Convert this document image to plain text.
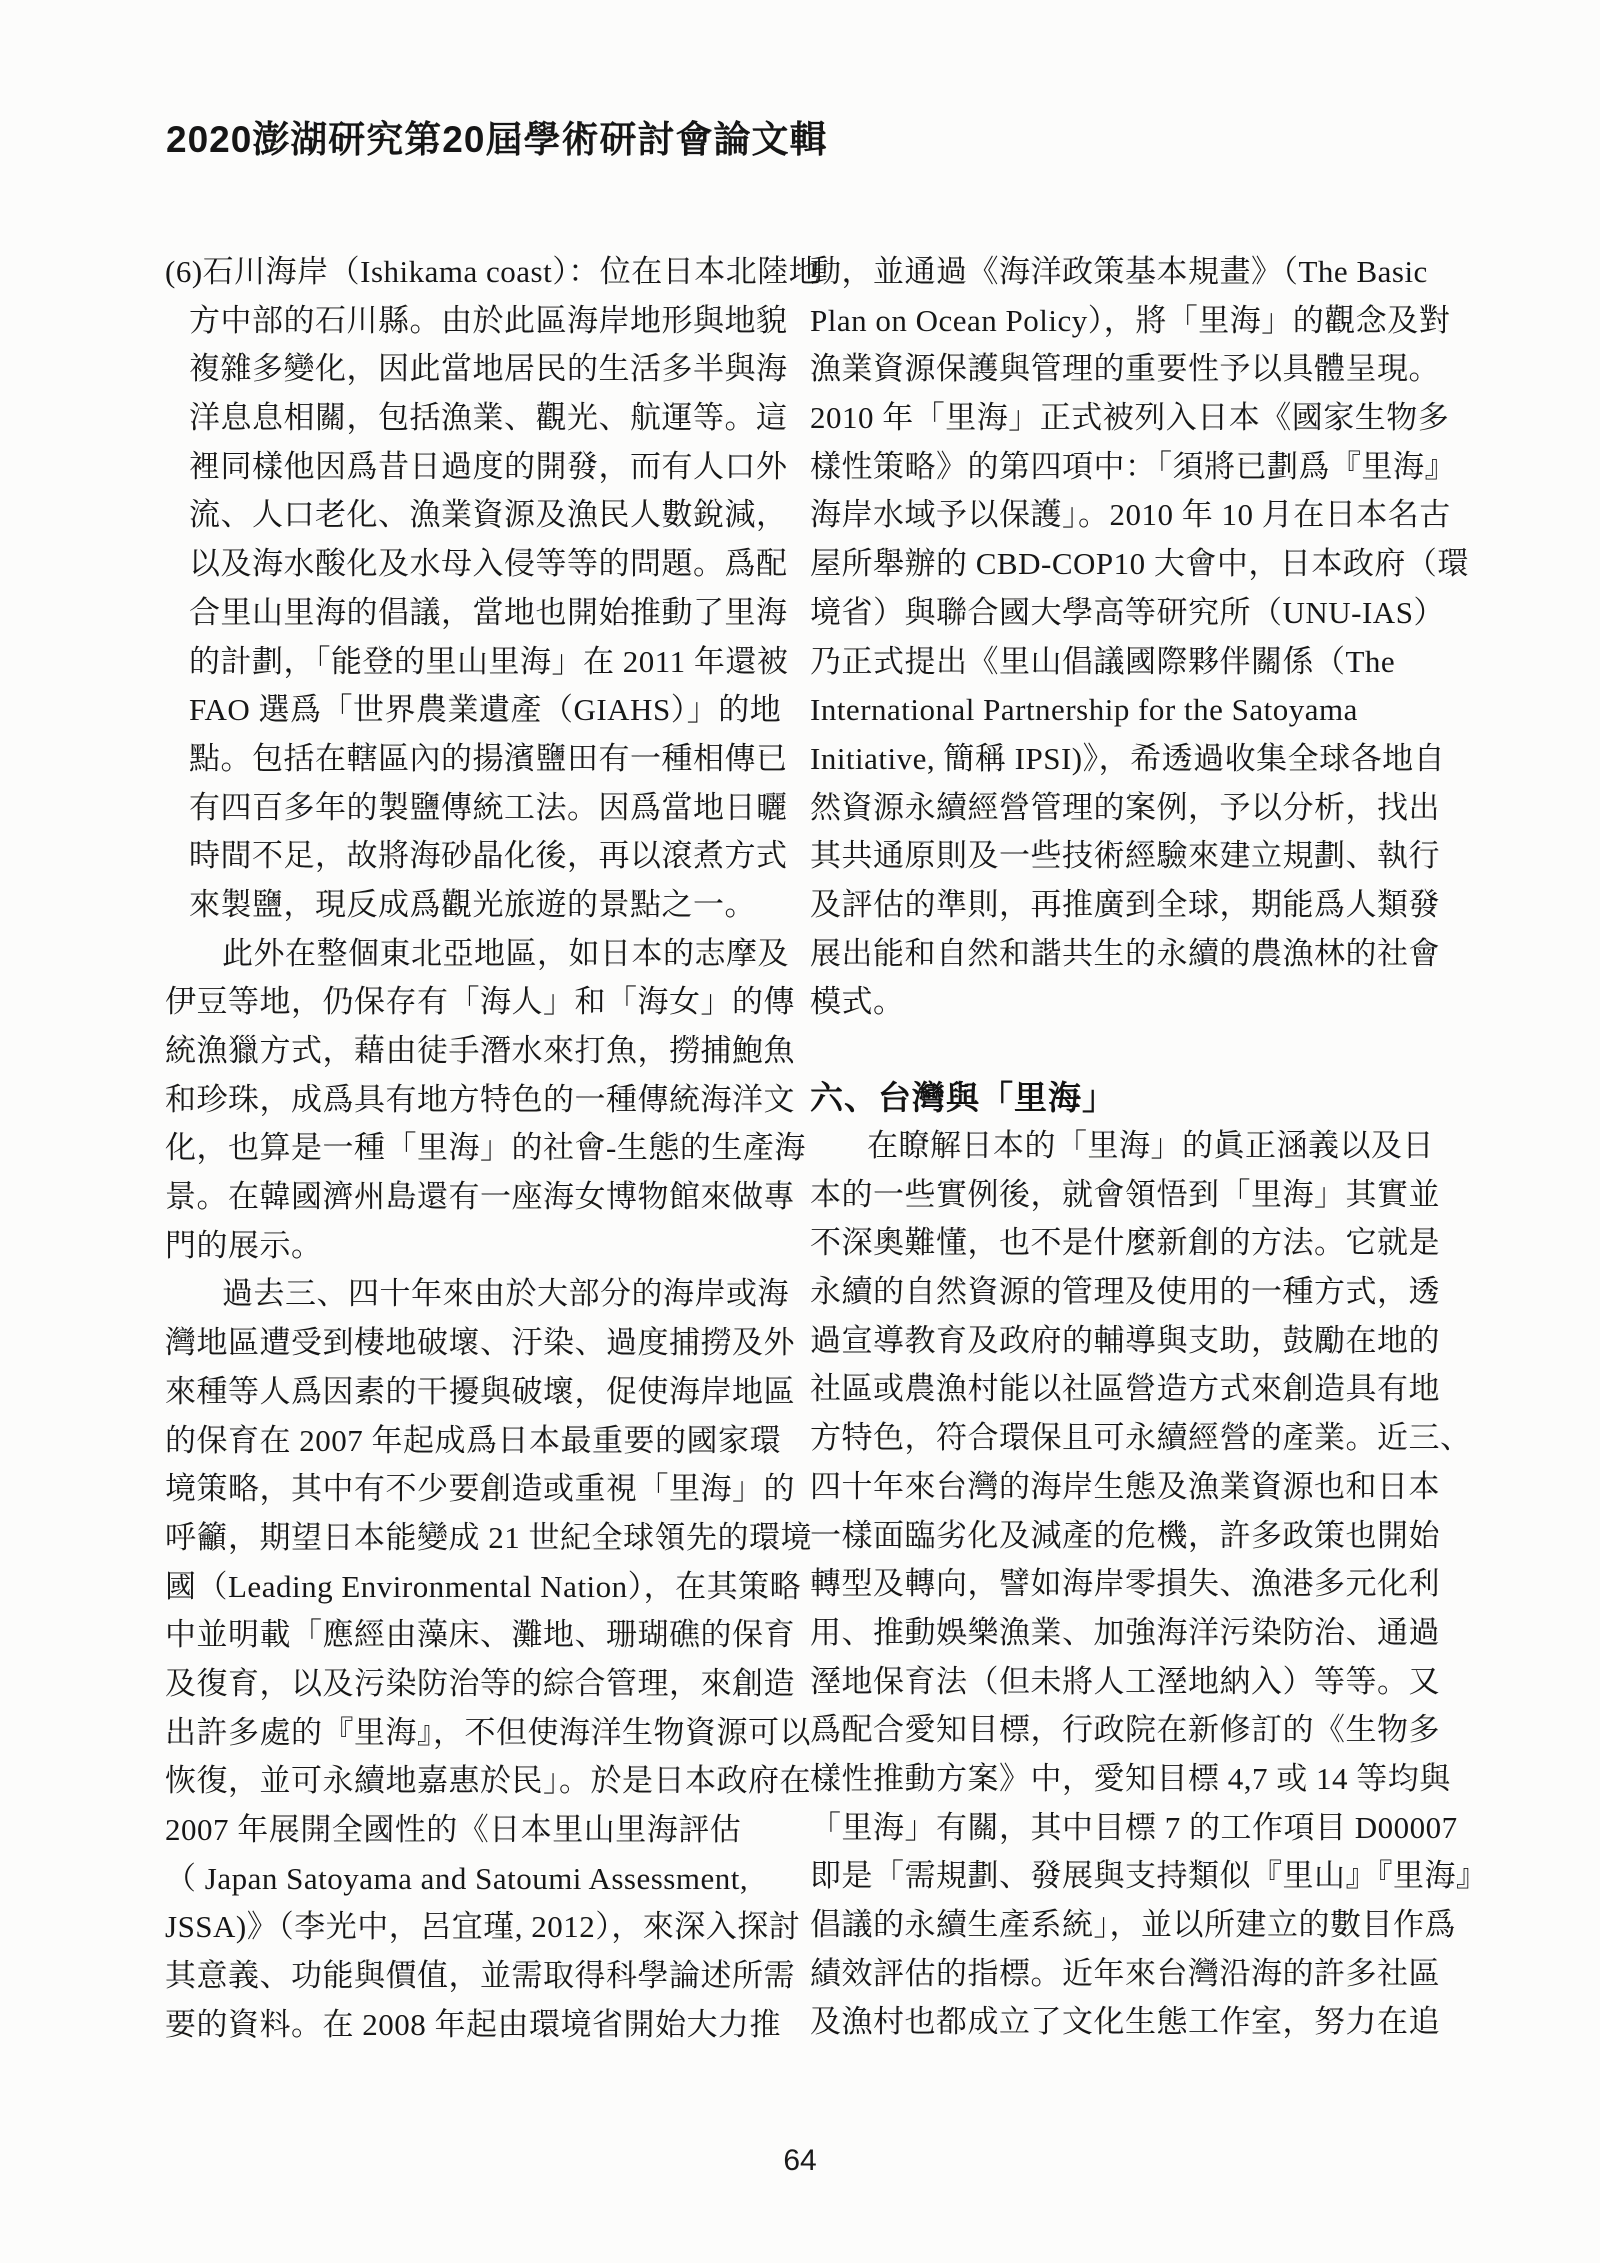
2020澎湖研究第20屆學術研討會論文輯
(6)石川海岸（Ishikama coast）：位在日本北陸地
方中部的石川縣。由於此區海岸地形與地貌
複雜多變化，因此當地居民的生活多半與海
洋息息相關，包括漁業、觀光、航運等。這
裡同樣他因爲昔日過度的開發，而有人口外
流、人口老化、漁業資源及漁民人數銳減，
以及海水酸化及水母入侵等等的問題。爲配
合里山里海的倡議，當地也開始推動了里海
的計劃，「能登的里山里海」在 2011 年還被
FAO 選爲「世界農業遺產（GIAHS）」的地
點。包括在轄區內的揚濱鹽田有一種相傳已
有四百多年的製鹽傳統工法。因爲當地日曬
時間不足，故將海砂晶化後，再以滾煮方式
來製鹽，現反成爲觀光旅遊的景點之一。
此外在整個東北亞地區，如日本的志摩及
伊豆等地，仍保存有「海人」和「海女」的傳
統漁獵方式，藉由徒手潛水來打魚，撈捕鮑魚
和珍珠，成爲具有地方特色的一種傳統海洋文
化，也算是一種「里海」的社會-生態的生產海
景。在韓國濟州島還有一座海女博物館來做專
門的展示。
過去三、四十年來由於大部分的海岸或海
灣地區遭受到棲地破壞、汙染、過度捕撈及外
來種等人爲因素的干擾與破壞，促使海岸地區
的保育在 2007 年起成爲日本最重要的國家環
境策略，其中有不少要創造或重視「里海」的
呼籲，期望日本能變成 21 世紀全球領先的環境
國（Leading Environmental Nation），在其策略
中並明載「應經由藻床、灘地、珊瑚礁的保育
及復育，以及污染防治等的綜合管理，來創造
出許多處的『里海』，不但使海洋生物資源可以
恢復，並可永續地嘉惠於民」。於是日本政府在
2007 年展開全國性的《日本里山里海評估
（ Japan Satoyama and Satoumi Assessment,
JSSA)》（李光中，呂宜瑾, 2012），來深入探討
其意義、功能與價值，並需取得科學論述所需
要的資料。在 2008 年起由環境省開始大力推
動，並通過《海洋政策基本規畫》（The Basic
Plan on Ocean Policy），將「里海」的觀念及對
漁業資源保護與管理的重要性予以具體呈現。
2010 年「里海」正式被列入日本《國家生物多
樣性策略》的第四項中：「須將已劃爲『里海』
海岸水域予以保護」。2010 年 10 月在日本名古
屋所舉辦的 CBD-COP10 大會中，日本政府（環
境省）與聯合國大學高等研究所（UNU-IAS）
乃正式提出《里山倡議國際夥伴關係（The
International Partnership for the Satoyama
Initiative, 簡稱 IPSI)》，希透過收集全球各地自
然資源永續經營管理的案例，予以分析，找出
其共通原則及一些技術經驗來建立規劃、執行
及評估的準則，再推廣到全球，期能爲人類發
展出能和自然和諧共生的永續的農漁林的社會
模式。
六、台灣與「里海」
在瞭解日本的「里海」的眞正涵義以及日
本的一些實例後，就會領悟到「里海」其實並
不深奧難懂，也不是什麼新創的方法。它就是
永續的自然資源的管理及使用的一種方式，透
過宣導教育及政府的輔導與支助，鼓勵在地的
社區或農漁村能以社區營造方式來創造具有地
方特色，符合環保且可永續經營的產業。近三、
四十年來台灣的海岸生態及漁業資源也和日本
一樣面臨劣化及減產的危機，許多政策也開始
轉型及轉向，譬如海岸零損失、漁港多元化利
用、推動娛樂漁業、加強海洋污染防治、通過
溼地保育法（但未將人工溼地納入）等等。又
爲配合愛知目標，行政院在新修訂的《生物多
樣性推動方案》中，愛知目標 4,7 或 14 等均與
「里海」有關，其中目標 7 的工作項目 D00007
即是「需規劃、發展與支持類似『里山』『里海』
倡議的永續生產系統」，並以所建立的數目作爲
績效評估的指標。近年來台灣沿海的許多社區
及漁村也都成立了文化生態工作室，努力在追
64
